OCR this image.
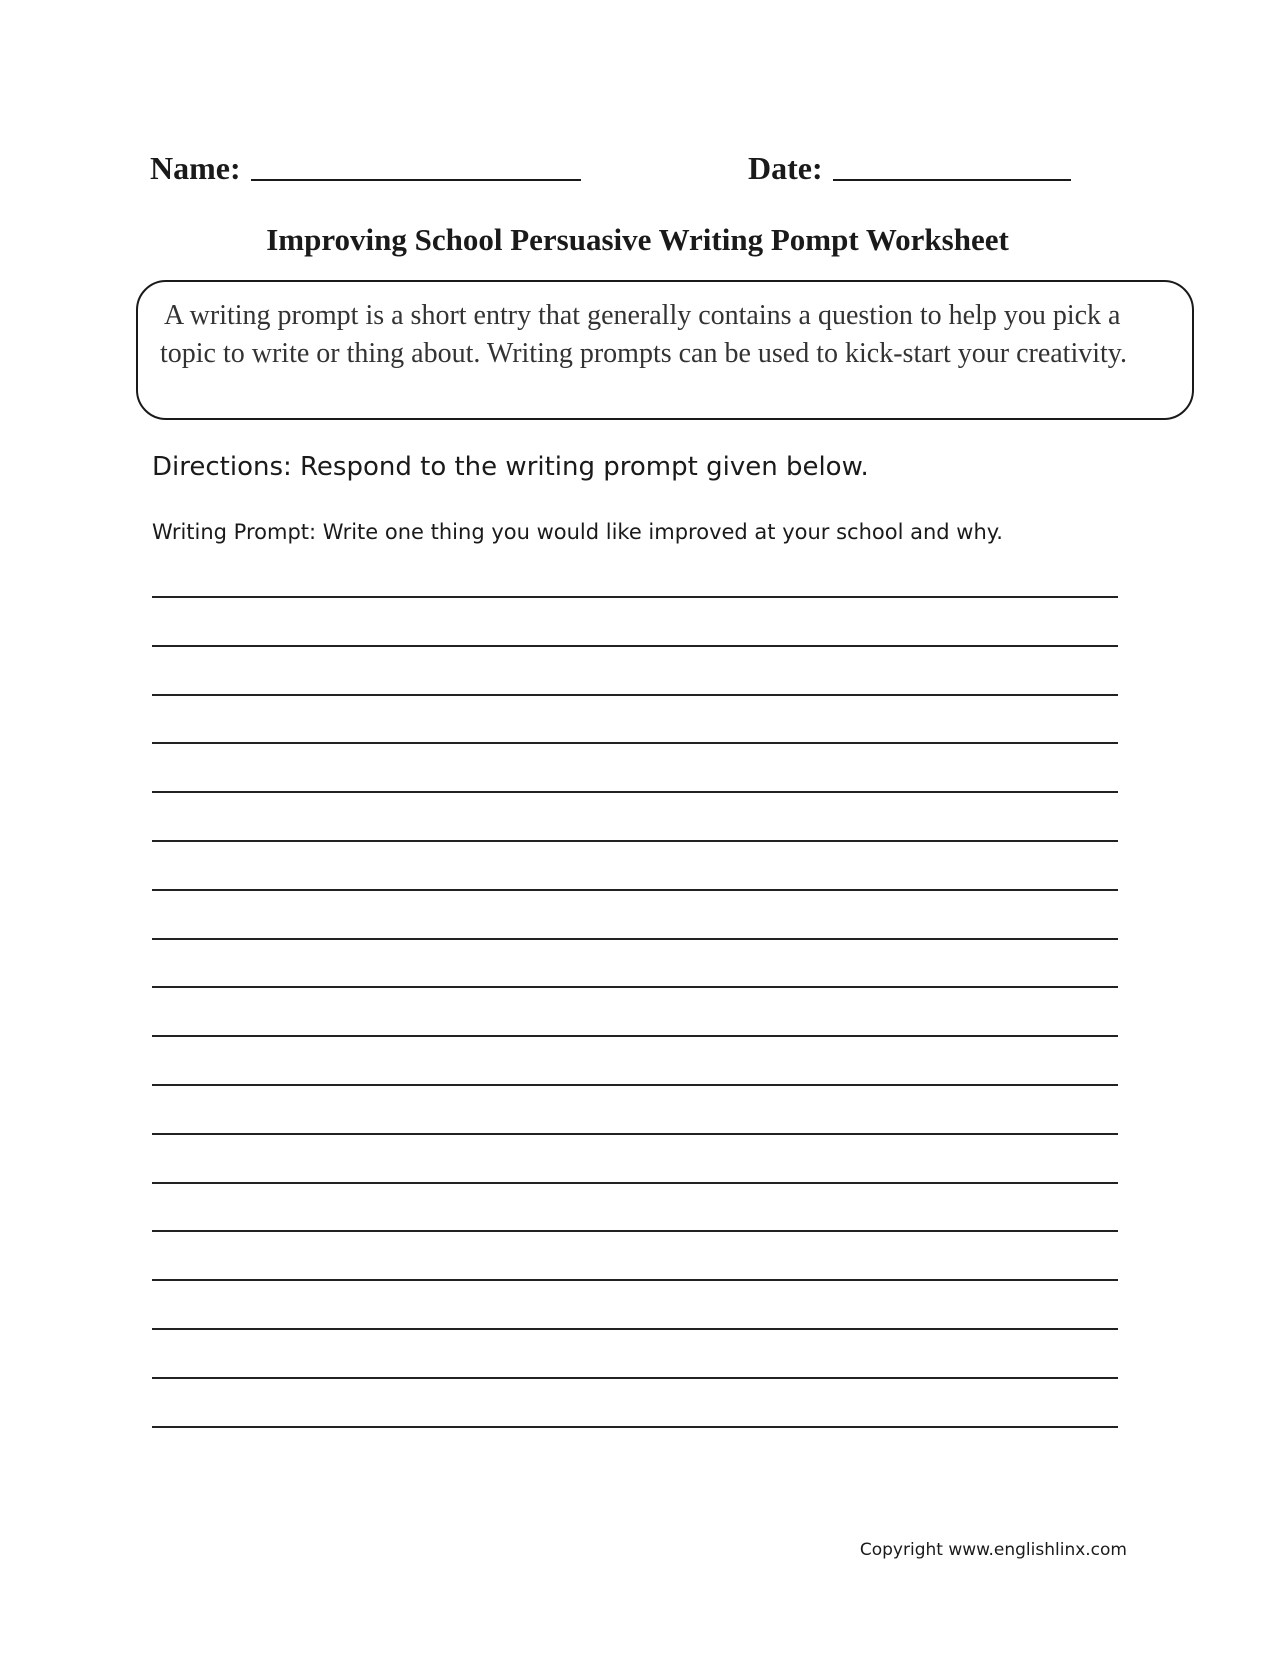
Name:	Date:
Improving School Persuasive Writing Pompt Worksheet

A writing prompt is a short entry that generally contains a question to help you pick a topic to write or thing about. Writing prompts can be used to kick-start your creativity.

Directions: Respond to the writing prompt given below.
Writing Prompt: Write one thing you would like improved at your school and why.
Copyright www.englishlinx.com
